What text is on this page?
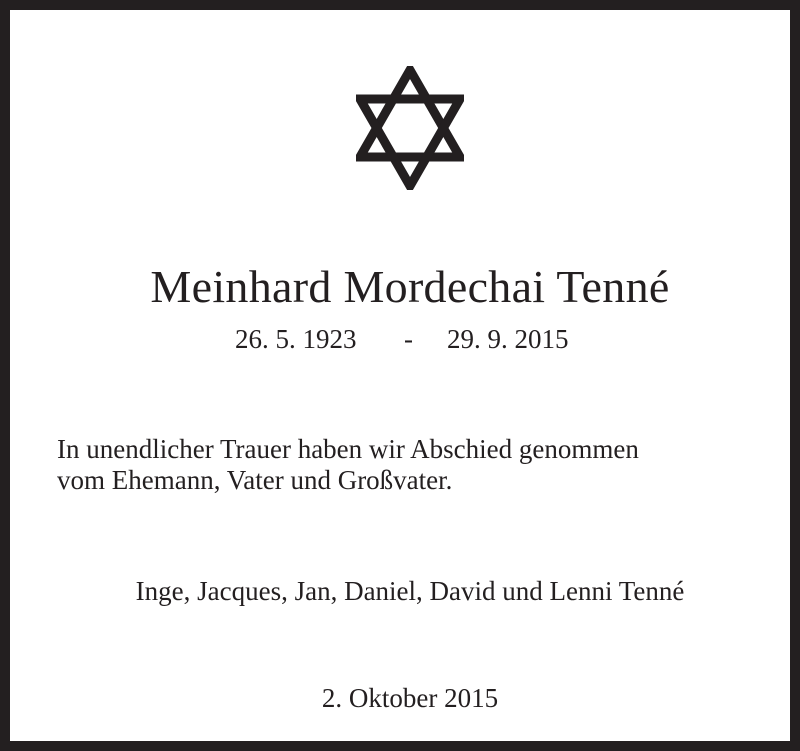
Meinhard Mordechai Tenné
26. 5. 1923 - 29. 9. 2015
In unendlicher Trauer haben wir Abschied genommen
vom Ehemann, Vater und Großvater.
Inge, Jacques, Jan, Daniel, David und Lenni Tenné
2. Oktober 2015
